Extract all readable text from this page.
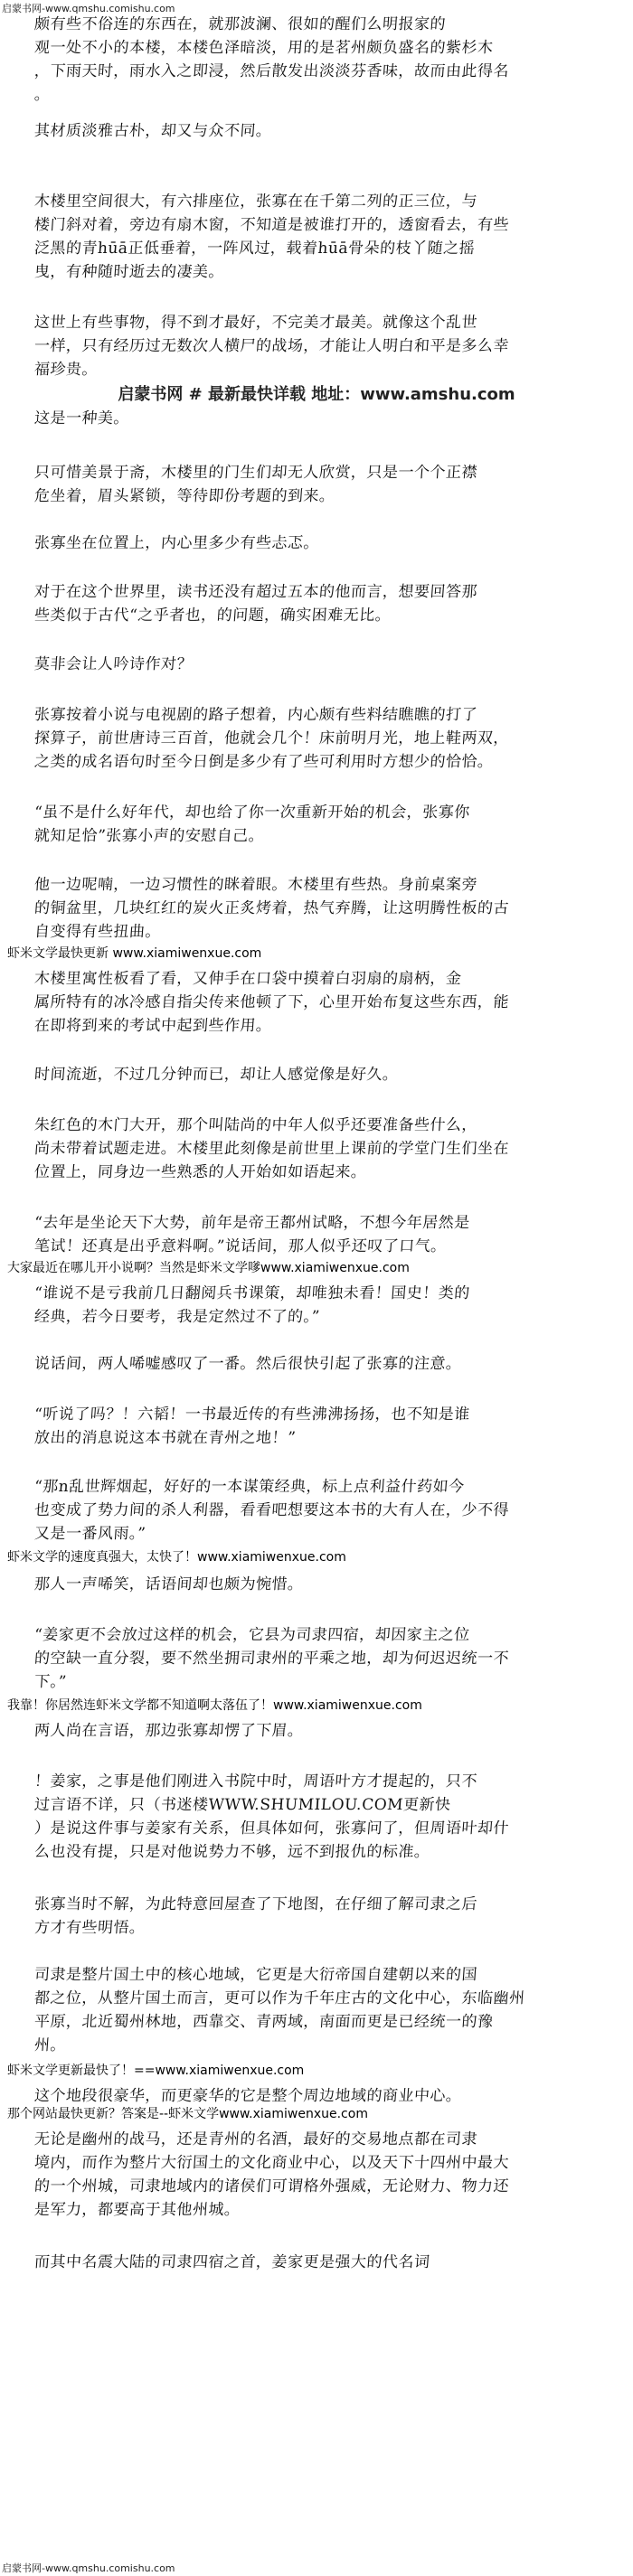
启蒙书网-www.qmshu.comishu.com

颇有些不俗连的东西在，就那波澜、很如的醒们么明报家的

观一处不小的本楼，本楼色泽暗淡，用的是茗州颇负盛名的紫杉木

，下雨天时，雨水入之即浸，然后散发出淡淡芬香味，故而由此得名

。

其材质淡雅古朴，却又与众不同。

木楼里空间很大，有六排座位，张寡在在千第二列的正三位，与

楼门斜对着，旁边有扇木窗，不知道是被谁打开的，透窗看去，有些

泛黑的青hūā正低垂着，一阵风过，载着hūā骨朵的枝丫随之摇

曳，有种随时逝去的凄美。

这世上有些事物，得不到才最好，不完美才最美。就像这个乱世

一样，只有经历过无数次人横尸的战场，才能让人明白和平是多么幸

福珍贵。

启蒙书网 # 最新最快详载 地址：www.amshu.com

这是一种美。

只可惜美景于斋，木楼里的门生们却无人欣赏，只是一个个正襟

危坐着，眉头紧锁，等待即份考题的到来。

张寡坐在位置上，内心里多少有些忐忑。

对于在这个世界里，读书还没有超过五本的他而言，想要回答那

些类似于古代“之乎者也，的问题，确实困难无比。

莫非会让人吟诗作对？

张寡按着小说与电视剧的路子想着，内心颇有些料结瞧瞧的打了

探算子，前世唐诗三百首，他就会几个！床前明月光，地上鞋两双，

之类的成名语句时至今日倒是多少有了些可利用时方想少的恰恰。

“虽不是什么好年代，却也给了你一次重新开始的机会，张寡你

就知足恰”张寡小声的安慰自己。

他一边呢喃，一边习惯性的眯着眼。木楼里有些热。身前桌案旁

的铜盆里，几块红红的炭火正炙烤着，热气弃腾，让这明腾性板的古

自变得有些扭曲。

虾米文学最快更新 www.xiamiwenxue.com

木楼里寓性板看了看，又伸手在口袋中摸着白羽扇的扇柄，金

属所特有的冰冷感自指尖传来他顿了下，心里开始布复这些东西，能

在即将到来的考试中起到些作用。

时间流逝，不过几分钟而已，却让人感觉像是好久。

朱红色的木门大开，那个叫陆尚的中年人似乎还要准备些什么，

尚未带着试题走进。木楼里此刻像是前世里上课前的学堂门生们坐在

位置上，同身边一些熟悉的人开始如如语起来。

“去年是坐论天下大势，前年是帝王都州试略，不想今年居然是

笔试！还真是出乎意料啊。”说话间，那人似乎还叹了口气。

大家最近在哪儿开小说啊？当然是虾米文学嗲www.xiamiwenxue.com

“谁说不是亏我前几日翻阅兵书课策，却唯独未看！国史！类的

经典，若今日要考，我是定然过不了的。”

说话间，两人唏嘘感叹了一番。然后很快引起了张寡的注意。

“听说了吗？！六韬！一书最近传的有些沸沸扬扬，也不知是谁

放出的消息说这本书就在青州之地！”

“那n乱世辉烟起，好好的一本谋策经典，标上点利益什药如今

也变成了势力间的杀人利器，看看吧想要这本书的大有人在，少不得

又是一番风雨。”

虾米文学的速度真强大，太快了！www.xiamiwenxue.com

那人一声唏笑，话语间却也颇为惋惜。

“姜家更不会放过这样的机会，它县为司隶四宿，却因家主之位

的空缺一直分裂，要不然坐拥司隶州的平乘之地，却为何迟迟统一不

下。”

我靠！你居然连虾米文学都不知道啊太落伍了！www.xiamiwenxue.com

两人尚在言语，那边张寡却愣了下眉。

！姜家，之事是他们刚进入书院中时，周语叶方才提起的，只不

过言语不详，只（书迷楼WWW.SHUMILOU.COM更新快

）是说这件事与姜家有关系，但具体如何，张寡问了，但周语叶却什

么也没有提，只是对他说势力不够，远不到报仇的标准。

张寡当时不解，为此特意回屋查了下地图，在仔细了解司隶之后

方才有些明悟。

司隶是整片国土中的核心地域，它更是大衍帝国自建朝以来的国

都之位，从整片国土而言，更可以作为千年庄古的文化中心，东临幽州

平原，北近蜀州林地，西靠交、青两域，南面而更是已经统一的豫

州。

虾米文学更新最快了！==www.xiamiwenxue.com

这个地段很豪华，而更豪华的它是整个周边地域的商业中心。

那个网站最快更新？答案是--虾米文学www.xiamiwenxue.com

无论是幽州的战马，还是青州的名酒，最好的交易地点都在司隶

境内，而作为整片大衍国土的文化商业中心，以及天下十四州中最大

的一个州城，司隶地域内的诸侯们可谓格外强威，无论财力、物力还

是军力，都要高于其他州城。

而其中名震大陆的司隶四宿之首，姜家更是强大的代名词

启蒙书网-www.qmshu.comishu.com
